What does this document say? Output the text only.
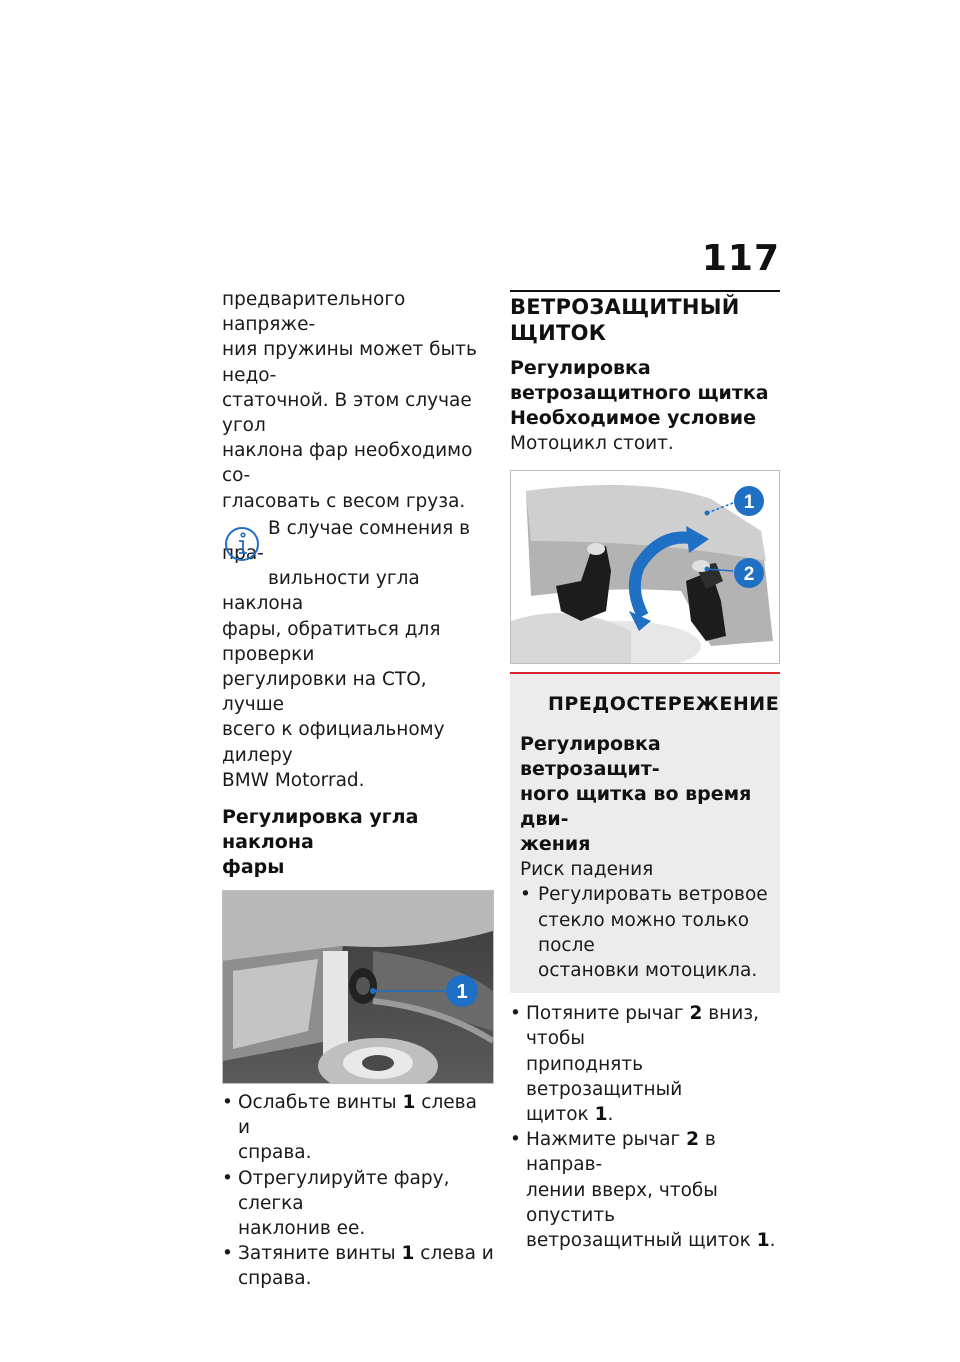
117

предварительного напряже-
ния пружины может быть недо-
статочной. В этом случае угол
наклона фар необходимо со-
гласовать с весом груза.

В случае сомнения в пра-
вильности угла наклона
фары, обратиться для проверки
регулировки на СТО, лучше
всего к официальному дилеру
BMW Motorrad.

Регулировка угла наклона
фары
1
• Ослабьте винты 1 слева и
справа.
• Отрегулируйте фару, слегка
наклонив ее.
• Затяните винты 1 слева и
справа.
ВЕТРОЗАЩИТНЫЙ ЩИТОК
Регулировка
ветрозащитного щитка
Необходимое условие

Мотоцикл стоит.

1
2
ПРЕДОСТЕРЕЖЕНИЕ
Регулировка ветрозащит-
ного щитка во время дви-
жения

Риск падения

• Регулировать ветровое
стекло можно только после
остановки мотоцикла.
• Потяните рычаг 2 вниз, чтобы
приподнять ветрозащитный
щиток 1.
• Нажмите рычаг 2 в направ-
лении вверх, чтобы опустить
ветрозащитный щиток 1.
